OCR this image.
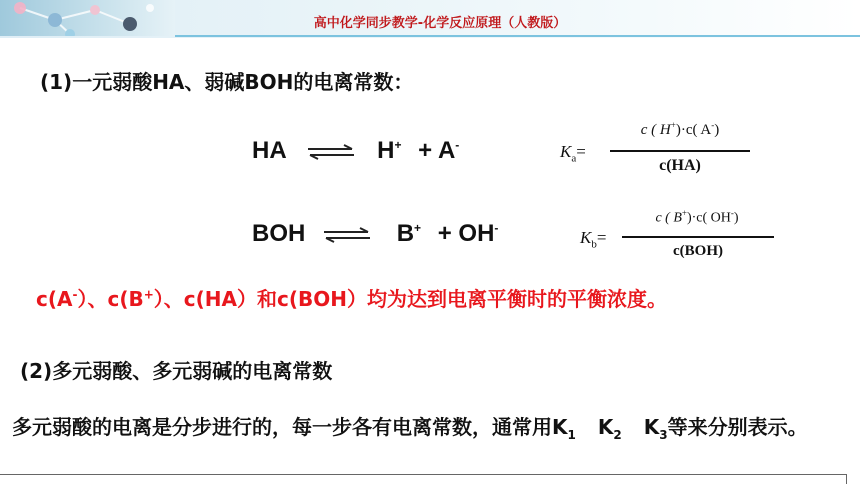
高中化学同步教学-化学反应原理（人教版）
(1)一元弱酸HA、弱碱BOH的电离常数：
HA ⇌ H+ + A-
BOH ⇌ B+ + OH-
$K_a=$
c ( H+)·c( A-)
c(HA)
$K_b=$
c ( B+)·c( OH-)
c(BOH)
c(A-）、c(B+）、c(HA）和c(BOH）均为达到电离平衡时的平衡浓度。
(2)多元弱酸、多元弱碱的电离常数
多元弱酸的电离是分步进行的，每一步各有电离常数，通常用$K_1$ $K_2$ $K_3$等来分别表示。
